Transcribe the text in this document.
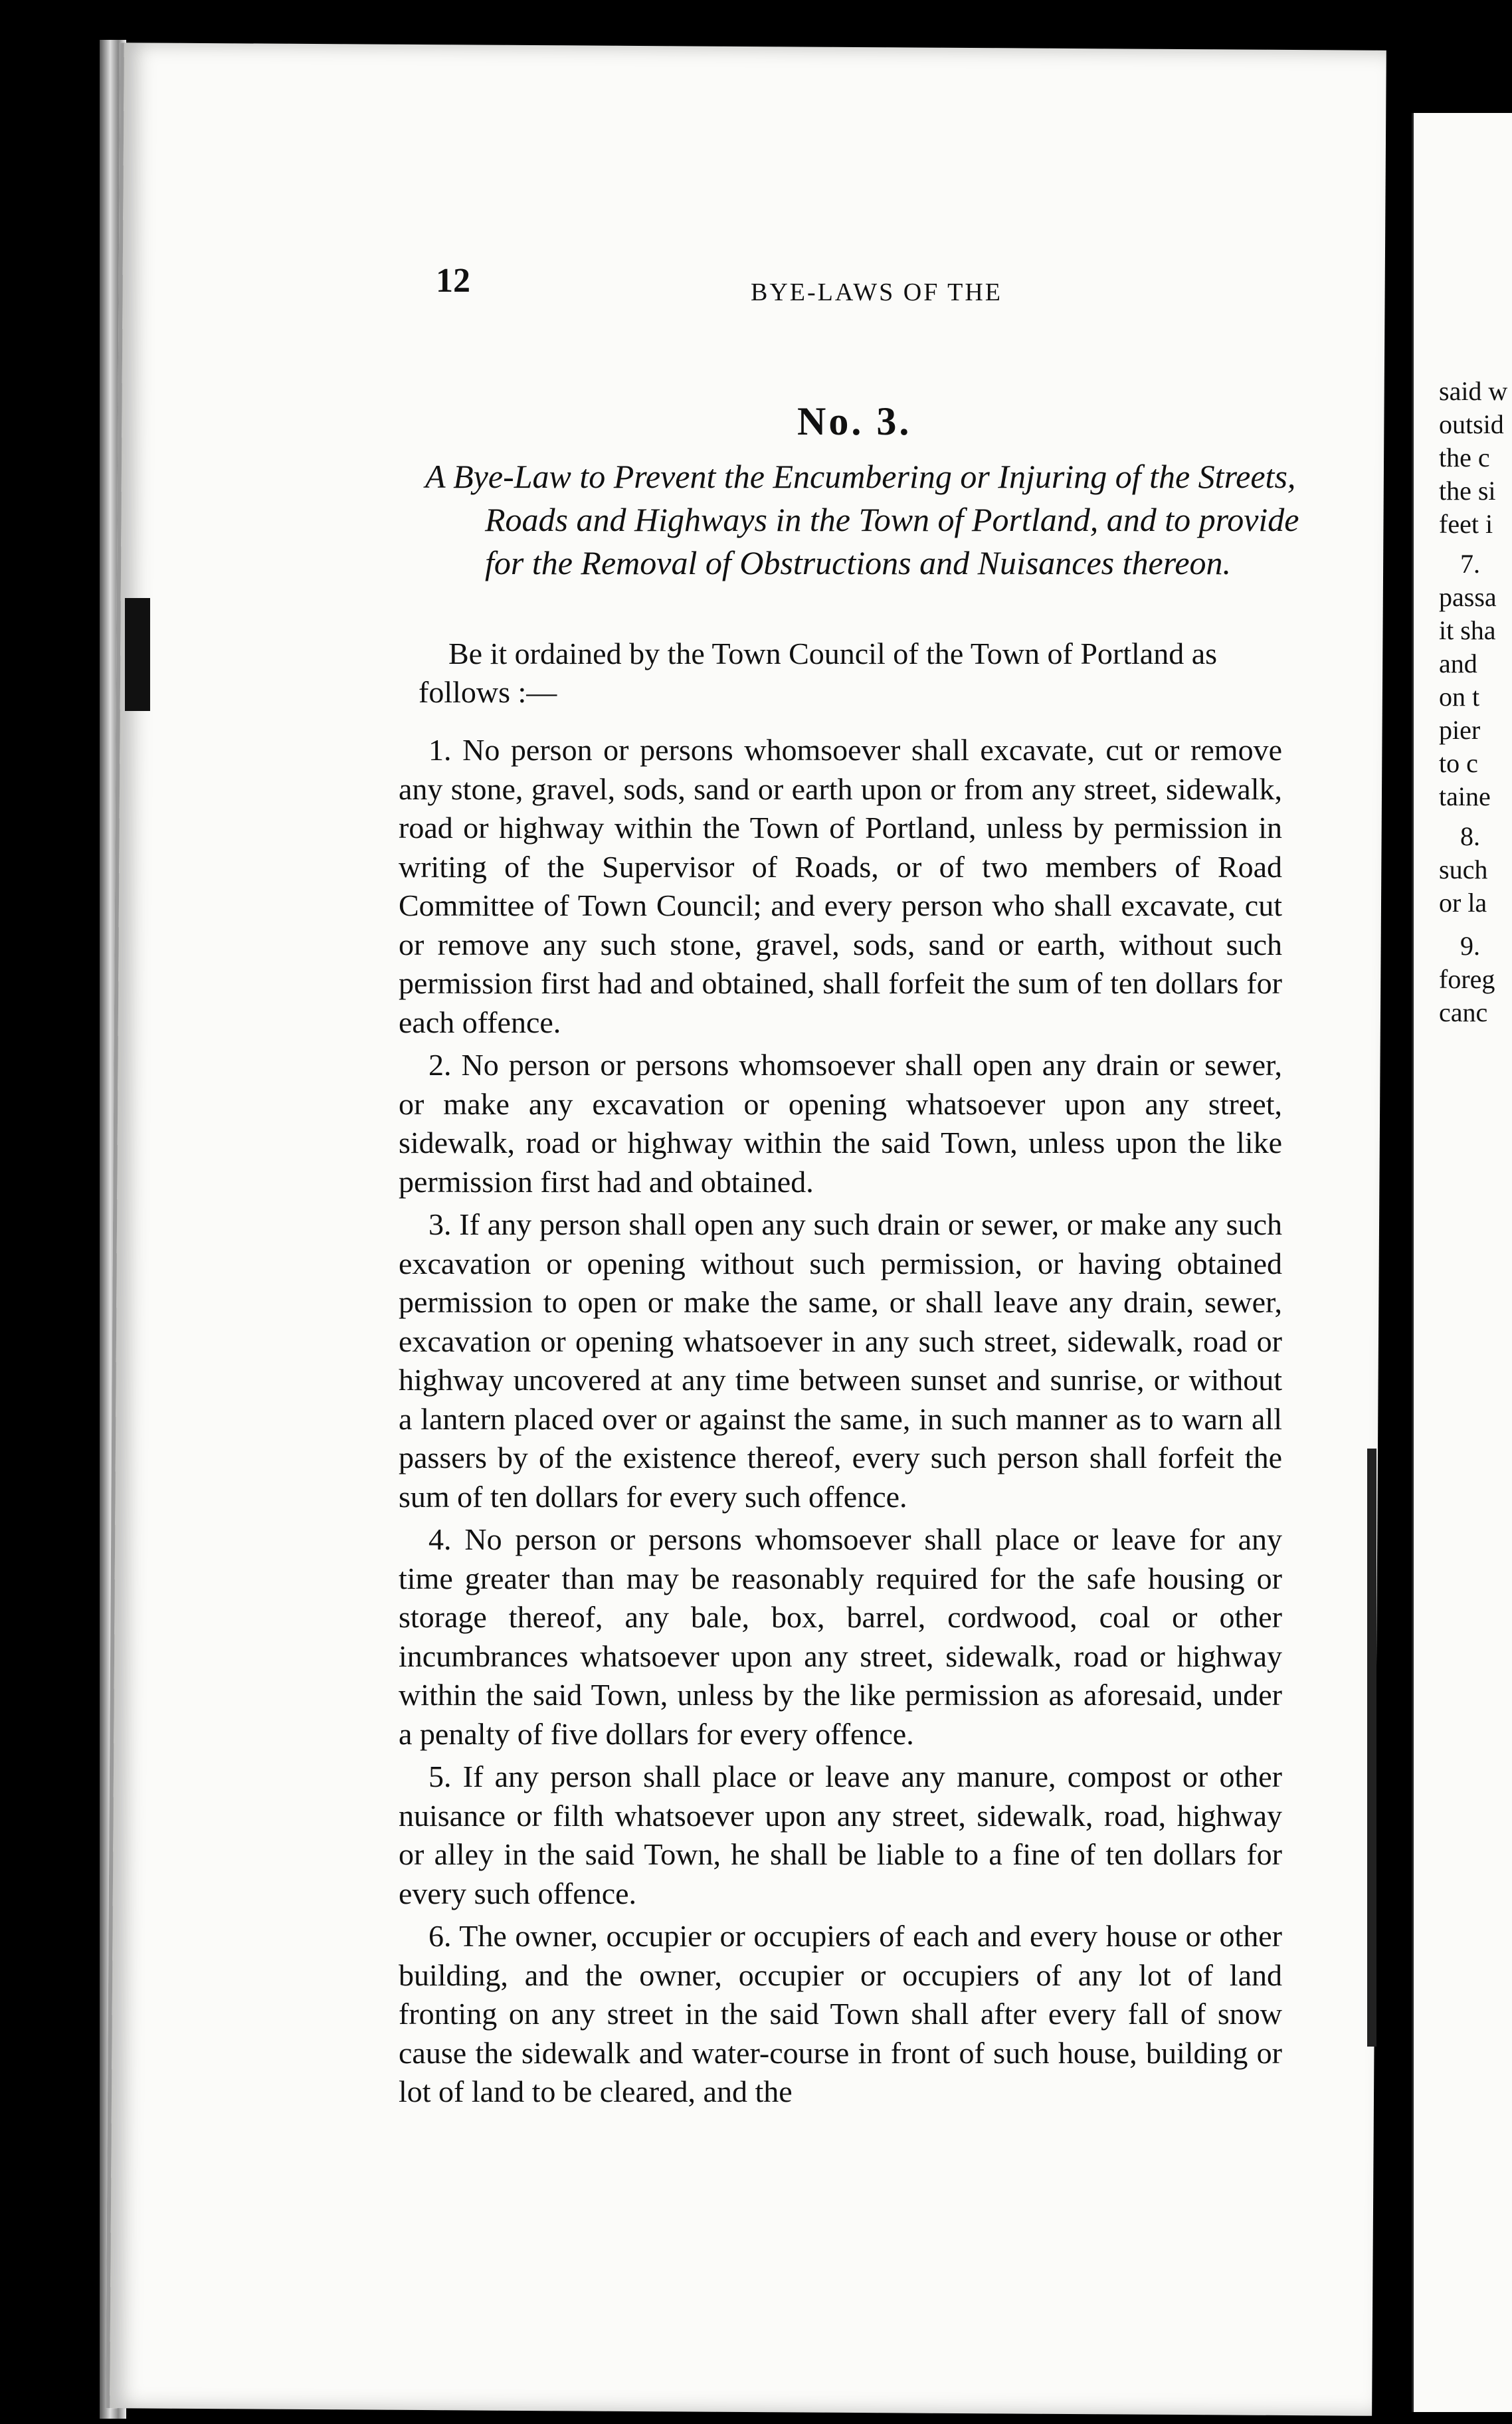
12	BYE-LAWS OF THE
No. 3.
A Bye-Law to Prevent the Encumbering or Injuring of the Streets, Roads and Highways in the Town of Portland, and to provide for the Removal of Obstructions and Nuisances thereon.
Be it ordained by the Town Council of the Town of Portland as follows :—

1. No person or persons whomsoever shall excavate, cut or remove any stone, gravel, sods, sand or earth upon or from any street, sidewalk, road or highway within the Town of Portland, unless by permission in writing of the Supervisor of Roads, or of two members of Road Committee of Town Council; and every person who shall excavate, cut or remove any such stone, gravel, sods, sand or earth, without such permission first had and obtained, shall forfeit the sum of ten dollars for each offence.

2. No person or persons whomsoever shall open any drain or sewer, or make any excavation or opening whatsoever upon any street, sidewalk, road or highway within the said Town, unless upon the like permission first had and obtained.

3. If any person shall open any such drain or sewer, or make any such excavation or opening without such permission, or having obtained permission to open or make the same, or shall leave any drain, sewer, excavation or opening whatsoever in any such street, sidewalk, road or highway uncovered at any time between sunset and sunrise, or without a lantern placed over or against the same, in such manner as to warn all passers by of the existence thereof, every such person shall forfeit the sum of ten dollars for every such offence.

4. No person or persons whomsoever shall place or leave for any time greater than may be reasonably required for the safe housing or storage thereof, any bale, box, barrel, cordwood, coal or other incumbrances whatsoever upon any street, sidewalk, road or highway within the said Town, unless by the like permission as aforesaid, under a penalty of five dollars for every offence.

5. If any person shall place or leave any manure, compost or other nuisance or filth whatsoever upon any street, sidewalk, road, highway or alley in the said Town, he shall be liable to a fine of ten dollars for every such offence.

6. The owner, occupier or occupiers of each and every house or other building, and the owner, occupier or occupiers of any lot of land fronting on any street in the said Town shall after every fall of snow cause the sidewalk and water-course in front of such house, building or lot of land to be cleared, and the

said w
outsid
the c
the si
feet i
7.
passa
it sha
and
on t
pier
to c
taine
8.
such
or la
9.
foreg
canc
